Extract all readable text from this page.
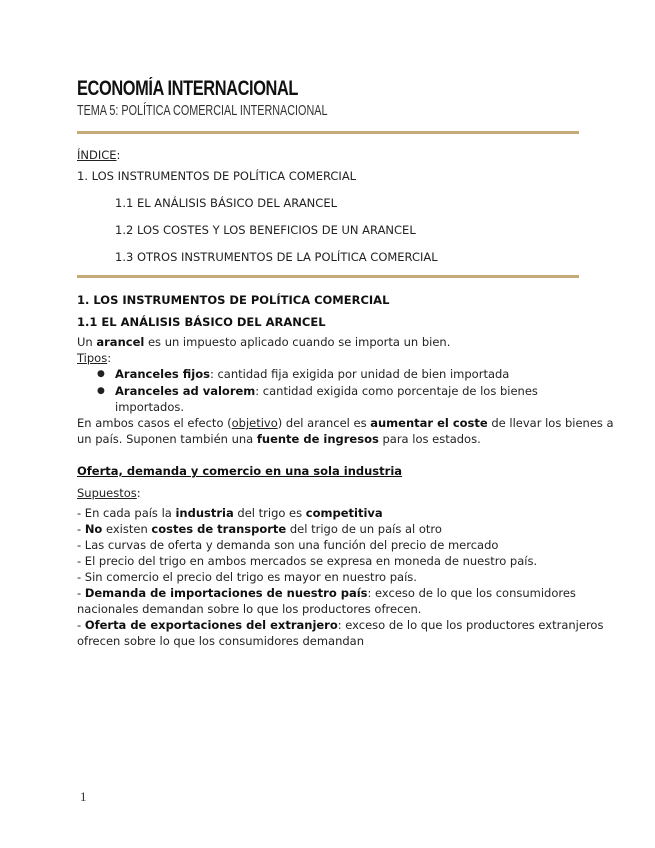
ECONOMÍA INTERNACIONAL
TEMA 5: POLÍTICA COMERCIAL INTERNACIONAL
ÍNDICE:
1. LOS INSTRUMENTOS DE POLÍTICA COMERCIAL
1.1 EL ANÁLISIS BÁSICO DEL ARANCEL
1.2 LOS COSTES Y LOS BENEFICIOS DE UN ARANCEL
1.3 OTROS INSTRUMENTOS DE LA POLÍTICA COMERCIAL
1. LOS INSTRUMENTOS DE POLÍTICA COMERCIAL
1.1 EL ANÁLISIS BÁSICO DEL ARANCEL
Un arancel es un impuesto aplicado cuando se importa un bien.
Tipos:
● Aranceles fijos: cantidad fija exigida por unidad de bien importada
● Aranceles ad valorem: cantidad exigida como porcentaje de los bienes
importados.
En ambos casos el efecto (objetivo) del arancel es aumentar el coste de llevar los bienes a
un país. Suponen también una fuente de ingresos para los estados.
Oferta, demanda y comercio en una sola industria
Supuestos:
- En cada país la industria del trigo es competitiva
- No existen costes de transporte del trigo de un país al otro
- Las curvas de oferta y demanda son una función del precio de mercado
- El precio del trigo en ambos mercados se expresa en moneda de nuestro país.
- Sin comercio el precio del trigo es mayor en nuestro país.
- Demanda de importaciones de nuestro país: exceso de lo que los consumidores
nacionales demandan sobre lo que los productores ofrecen.
- Oferta de exportaciones del extranjero: exceso de lo que los productores extranjeros
ofrecen sobre lo que los consumidores demandan
1
